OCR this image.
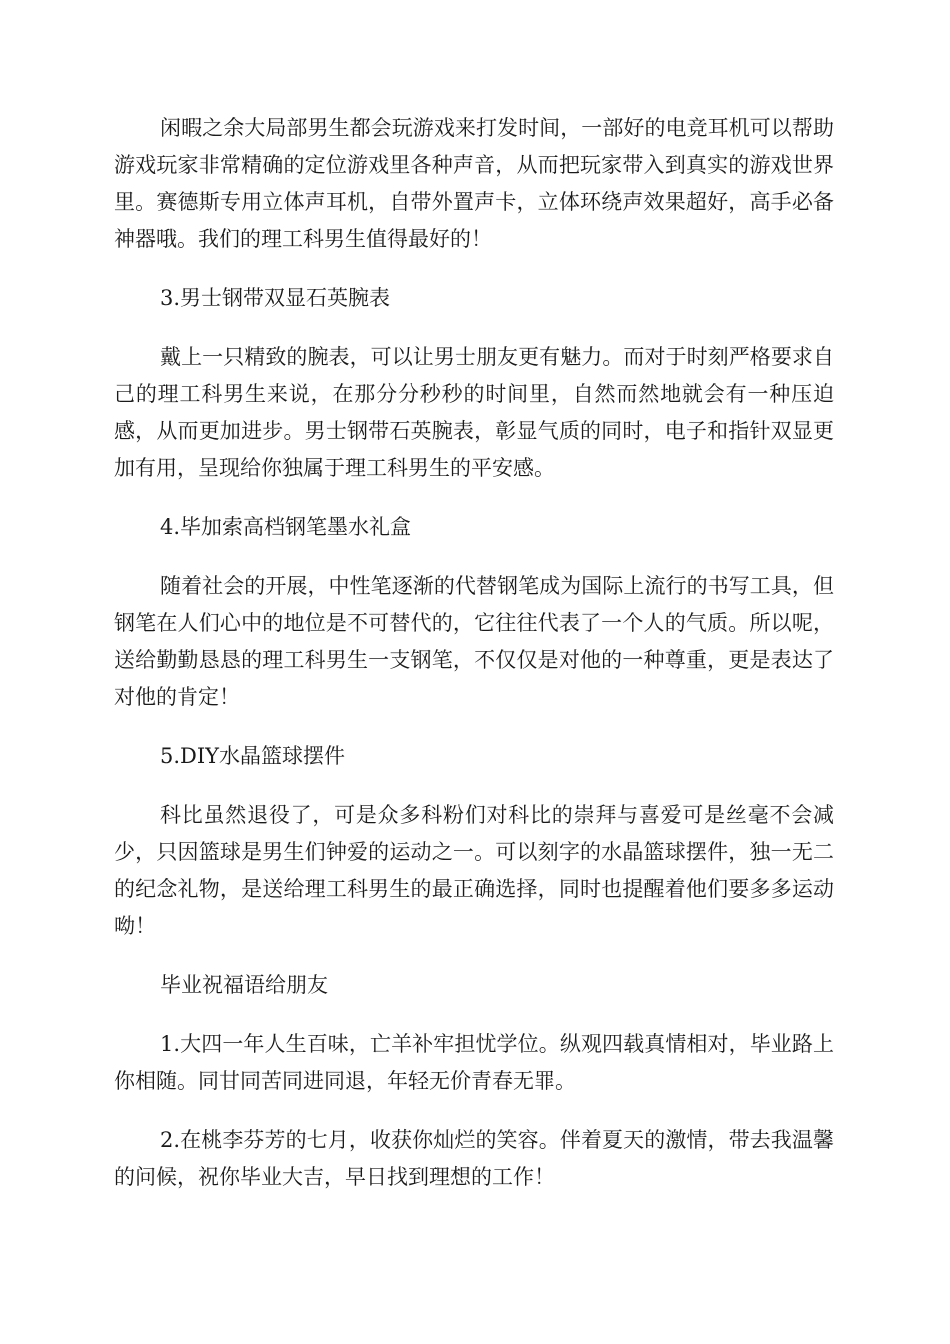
闲暇之余大局部男生都会玩游戏来打发时间，一部好的电竞耳机可以帮助游戏玩家非常精确的定位游戏里各种声音，从而把玩家带入到真实的游戏世界里。赛德斯专用立体声耳机，自带外置声卡，立体环绕声效果超好，高手必备神器哦。我们的理工科男生值得最好的！

3.男士钢带双显石英腕表

戴上一只精致的腕表，可以让男士朋友更有魅力。而对于时刻严格要求自己的理工科男生来说，在那分分秒秒的时间里，自然而然地就会有一种压迫感，从而更加进步。男士钢带石英腕表，彰显气质的同时，电子和指针双显更加有用，呈现给你独属于理工科男生的平安感。

4.毕加索高档钢笔墨水礼盒

随着社会的开展，中性笔逐渐的代替钢笔成为国际上流行的书写工具，但钢笔在人们心中的地位是不可替代的，它往往代表了一个人的气质。所以呢，送给勤勤恳恳的理工科男生一支钢笔，不仅仅是对他的一种尊重，更是表达了对他的肯定！

5.DIY水晶篮球摆件

科比虽然退役了，可是众多科粉们对科比的崇拜与喜爱可是丝毫不会减少，只因篮球是男生们钟爱的运动之一。可以刻字的水晶篮球摆件，独一无二的纪念礼物，是送给理工科男生的最正确选择，同时也提醒着他们要多多运动呦！

毕业祝福语给朋友

1.大四一年人生百味，亡羊补牢担忧学位。纵观四载真情相对，毕业路上你相随。同甘同苦同进同退，年轻无价青春无罪。

2.在桃李芬芳的七月，收获你灿烂的笑容。伴着夏天的激情，带去我温馨的问候，祝你毕业大吉，早日找到理想的工作！
